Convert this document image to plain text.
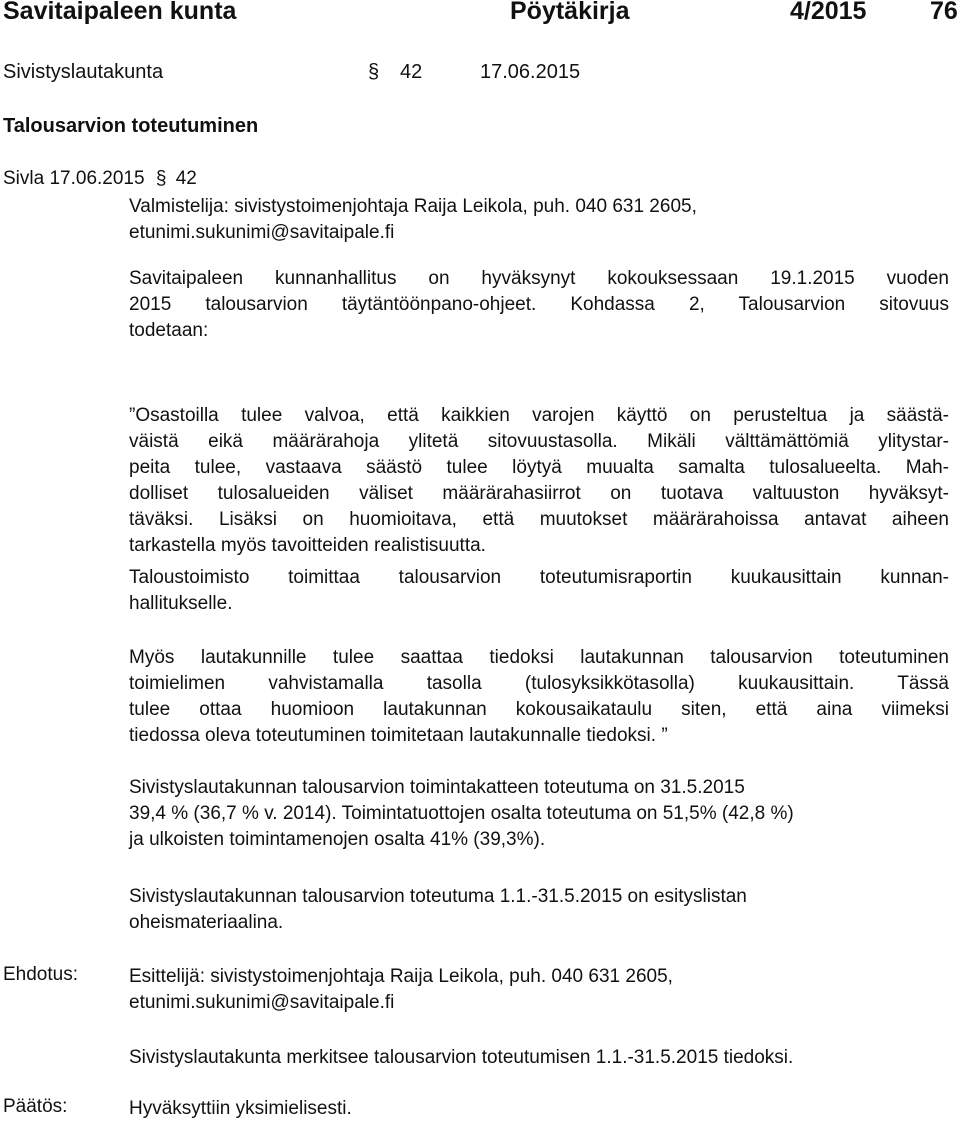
Savitaipaleen kunta	Pöytäkirja	4/2015	76
Sivistyslautakunta	§ 42	17.06.2015
Talousarvion toteutuminen
Sivla 17.06.2015 § 42
Valmistelija: sivistystoimenjohtaja Raija Leikola, puh. 040 631 2605,
etunimi.sukunimi@savitaipale.fi
Savitaipaleen kunnanhallitus on hyväksynyt kokouksessaan 19.1.2015 vuoden
2015 talousarvion täytäntöönpano-ohjeet. Kohdassa 2, Talousarvion sitovuus
todetaan:
”Osastoilla tulee valvoa, että kaikkien varojen käyttö on perusteltua ja säästä-
väistä eikä määrärahoja ylitetä sitovuustasolla. Mikäli välttämättömiä ylitystar-
peita tulee, vastaava säästö tulee löytyä muualta samalta tulosalueelta. Mah-
dolliset tulosalueiden väliset määrärahasiirrot on tuotava valtuuston hyväksyt-
täväksi. Lisäksi on huomioitava, että muutokset määrärahoissa antavat aiheen
tarkastella myös tavoitteiden realistisuutta.
Taloustoimisto toimittaa talousarvion toteutumisraportin kuukausittain kunnan-
hallitukselle.
Myös lautakunnille tulee saattaa tiedoksi lautakunnan talousarvion toteutuminen
toimielimen vahvistamalla tasolla (tulosyksikkötasolla) kuukausittain. Tässä
tulee ottaa huomioon lautakunnan kokousaikataulu siten, että aina viimeksi
tiedossa oleva toteutuminen toimitetaan lautakunnalle tiedoksi. ”
Sivistyslautakunnan talousarvion toimintakatteen toteutuma on 31.5.2015
39,4 % (36,7 % v. 2014). Toimintatuottojen osalta toteutuma on 51,5% (42,8 %)
ja ulkoisten toimintamenojen osalta 41% (39,3%).
Sivistyslautakunnan talousarvion toteutuma 1.1.-31.5.2015 on esityslistan
oheismateriaalina.
Ehdotus:	Esittelijä: sivistystoimenjohtaja Raija Leikola, puh. 040 631 2605,
etunimi.sukunimi@savitaipale.fi
Sivistyslautakunta merkitsee talousarvion toteutumisen 1.1.-31.5.2015 tiedoksi.
Päätös:	Hyväksyttiin yksimielisesti.
